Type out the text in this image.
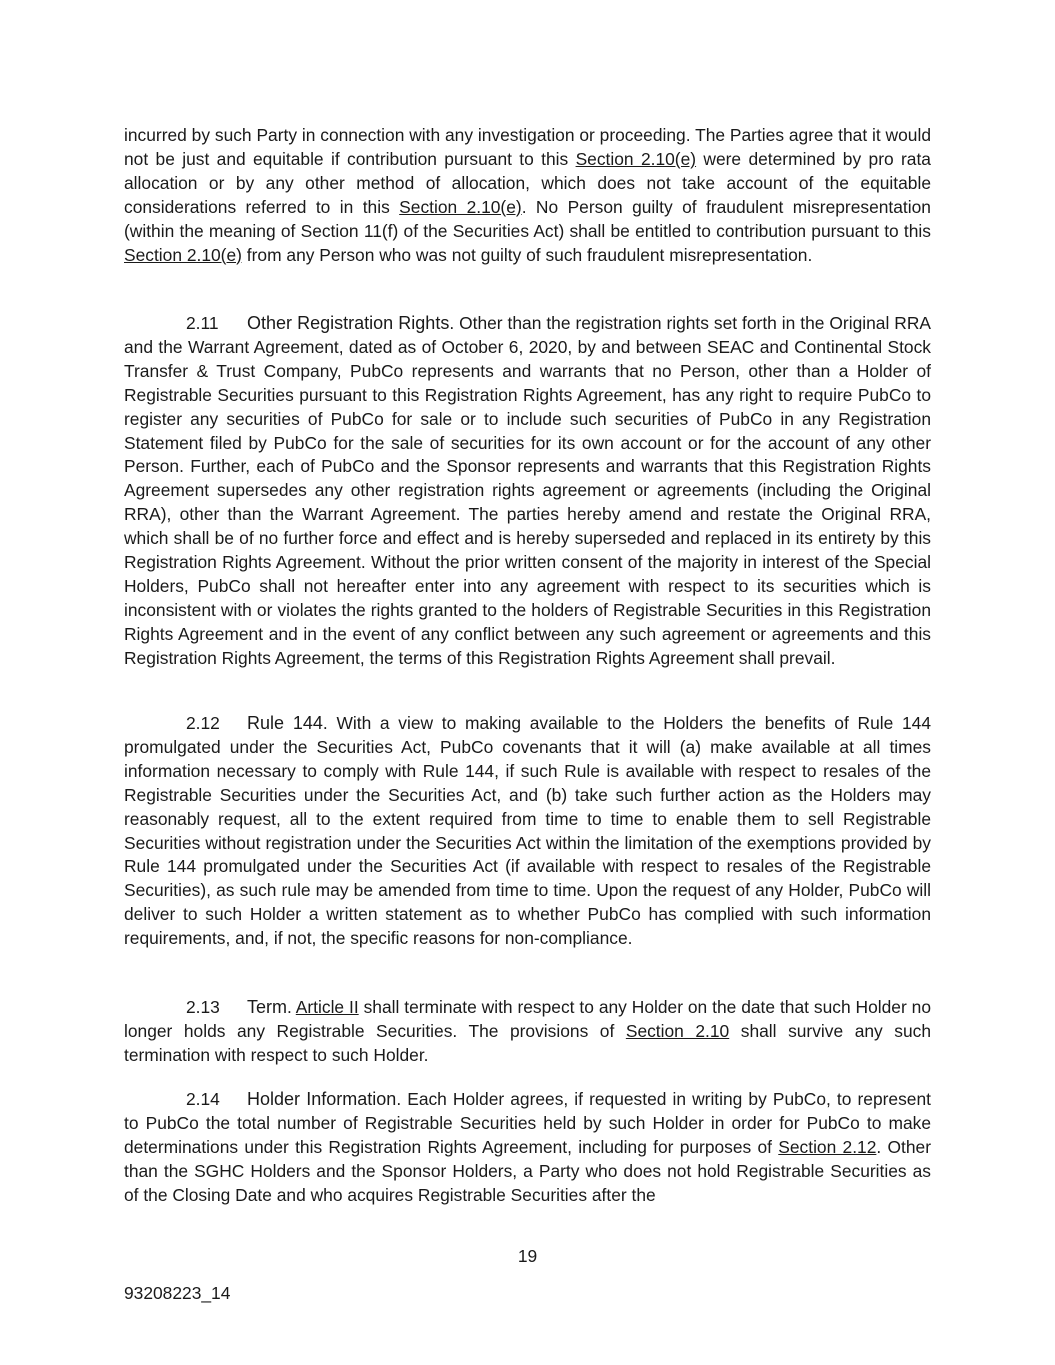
incurred by such Party in connection with any investigation or proceeding. The Parties agree that it would not be just and equitable if contribution pursuant to this Section 2.10(e) were determined by pro rata allocation or by any other method of allocation, which does not take account of the equitable considerations referred to in this Section 2.10(e). No Person guilty of fraudulent misrepresentation (within the meaning of Section 11(f) of the Securities Act) shall be entitled to contribution pursuant to this Section 2.10(e) from any Person who was not guilty of such fraudulent misrepresentation.
2.11 Other Registration Rights. Other than the registration rights set forth in the Original RRA and the Warrant Agreement, dated as of October 6, 2020, by and between SEAC and Continental Stock Transfer & Trust Company, PubCo represents and warrants that no Person, other than a Holder of Registrable Securities pursuant to this Registration Rights Agreement, has any right to require PubCo to register any securities of PubCo for sale or to include such securities of PubCo in any Registration Statement filed by PubCo for the sale of securities for its own account or for the account of any other Person. Further, each of PubCo and the Sponsor represents and warrants that this Registration Rights Agreement supersedes any other registration rights agreement or agreements (including the Original RRA), other than the Warrant Agreement. The parties hereby amend and restate the Original RRA, which shall be of no further force and effect and is hereby superseded and replaced in its entirety by this Registration Rights Agreement. Without the prior written consent of the majority in interest of the Special Holders, PubCo shall not hereafter enter into any agreement with respect to its securities which is inconsistent with or violates the rights granted to the holders of Registrable Securities in this Registration Rights Agreement and in the event of any conflict between any such agreement or agreements and this Registration Rights Agreement, the terms of this Registration Rights Agreement shall prevail.
2.12 Rule 144. With a view to making available to the Holders the benefits of Rule 144 promulgated under the Securities Act, PubCo covenants that it will (a) make available at all times information necessary to comply with Rule 144, if such Rule is available with respect to resales of the Registrable Securities under the Securities Act, and (b) take such further action as the Holders may reasonably request, all to the extent required from time to time to enable them to sell Registrable Securities without registration under the Securities Act within the limitation of the exemptions provided by Rule 144 promulgated under the Securities Act (if available with respect to resales of the Registrable Securities), as such rule may be amended from time to time. Upon the request of any Holder, PubCo will deliver to such Holder a written statement as to whether PubCo has complied with such information requirements, and, if not, the specific reasons for non-compliance.
2.13 Term. Article II shall terminate with respect to any Holder on the date that such Holder no longer holds any Registrable Securities. The provisions of Section 2.10 shall survive any such termination with respect to such Holder.
2.14 Holder Information. Each Holder agrees, if requested in writing by PubCo, to represent to PubCo the total number of Registrable Securities held by such Holder in order for PubCo to make determinations under this Registration Rights Agreement, including for purposes of Section 2.12. Other than the SGHC Holders and the Sponsor Holders, a Party who does not hold Registrable Securities as of the Closing Date and who acquires Registrable Securities after the
19
93208223_14
